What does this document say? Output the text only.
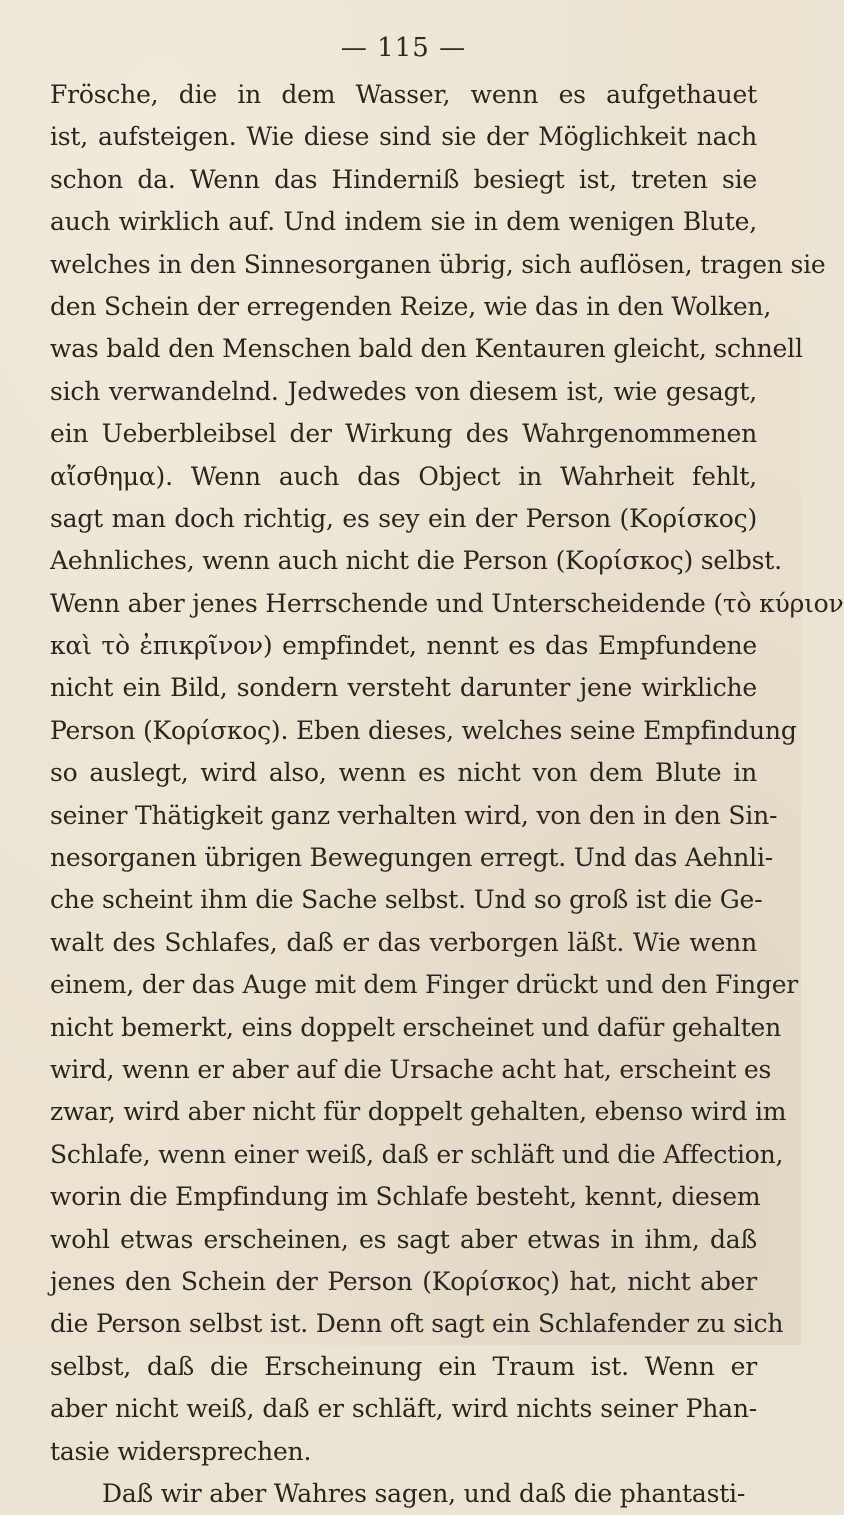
— 115 —
Frösche, die in dem Wasser, wenn es aufgethauet
ist, aufsteigen. Wie diese sind sie der Möglichkeit nach
schon da. Wenn das Hinderniß besiegt ist, treten sie
auch wirklich auf. Und indem sie in dem wenigen Blute,
welches in den Sinnesorganen übrig, sich auflösen, tragen sie
den Schein der erregenden Reize, wie das in den Wolken,
was bald den Menschen bald den Kentauren gleicht, schnell
sich verwandelnd. Jedwedes von diesem ist, wie gesagt,
ein Ueberbleibsel der Wirkung des Wahrgenommenen
αἴσθημα). Wenn auch das Object in Wahrheit fehlt,
sagt man doch richtig, es sey ein der Person (Κορίσκος)
Aehnliches, wenn auch nicht die Person (Κορίσκος) selbst.
Wenn aber jenes Herrschende und Unterscheidende (τὸ κύριον
καὶ τὸ ἐπικρῖνον) empfindet, nennt es das Empfundene
nicht ein Bild, sondern versteht darunter jene wirkliche
Person (Κορίσκος). Eben dieses, welches seine Empfindung
so auslegt, wird also, wenn es nicht von dem Blute in
seiner Thätigkeit ganz verhalten wird, von den in den Sin-
nesorganen übrigen Bewegungen erregt. Und das Aehnli-
che scheint ihm die Sache selbst. Und so groß ist die Ge-
walt des Schlafes, daß er das verborgen läßt. Wie wenn
einem, der das Auge mit dem Finger drückt und den Finger
nicht bemerkt, eins doppelt erscheinet und dafür gehalten
wird, wenn er aber auf die Ursache acht hat, erscheint es
zwar, wird aber nicht für doppelt gehalten, ebenso wird im
Schlafe, wenn einer weiß, daß er schläft und die Affection,
worin die Empfindung im Schlafe besteht, kennt, diesem
wohl etwas erscheinen, es sagt aber etwas in ihm, daß
jenes den Schein der Person (Κορίσκος) hat, nicht aber
die Person selbst ist. Denn oft sagt ein Schlafender zu sich
selbst, daß die Erscheinung ein Traum ist. Wenn er
aber nicht weiß, daß er schläft, wird nichts seiner Phan-
tasie widersprechen.
Daß wir aber Wahres sagen, und daß die phantasti-
